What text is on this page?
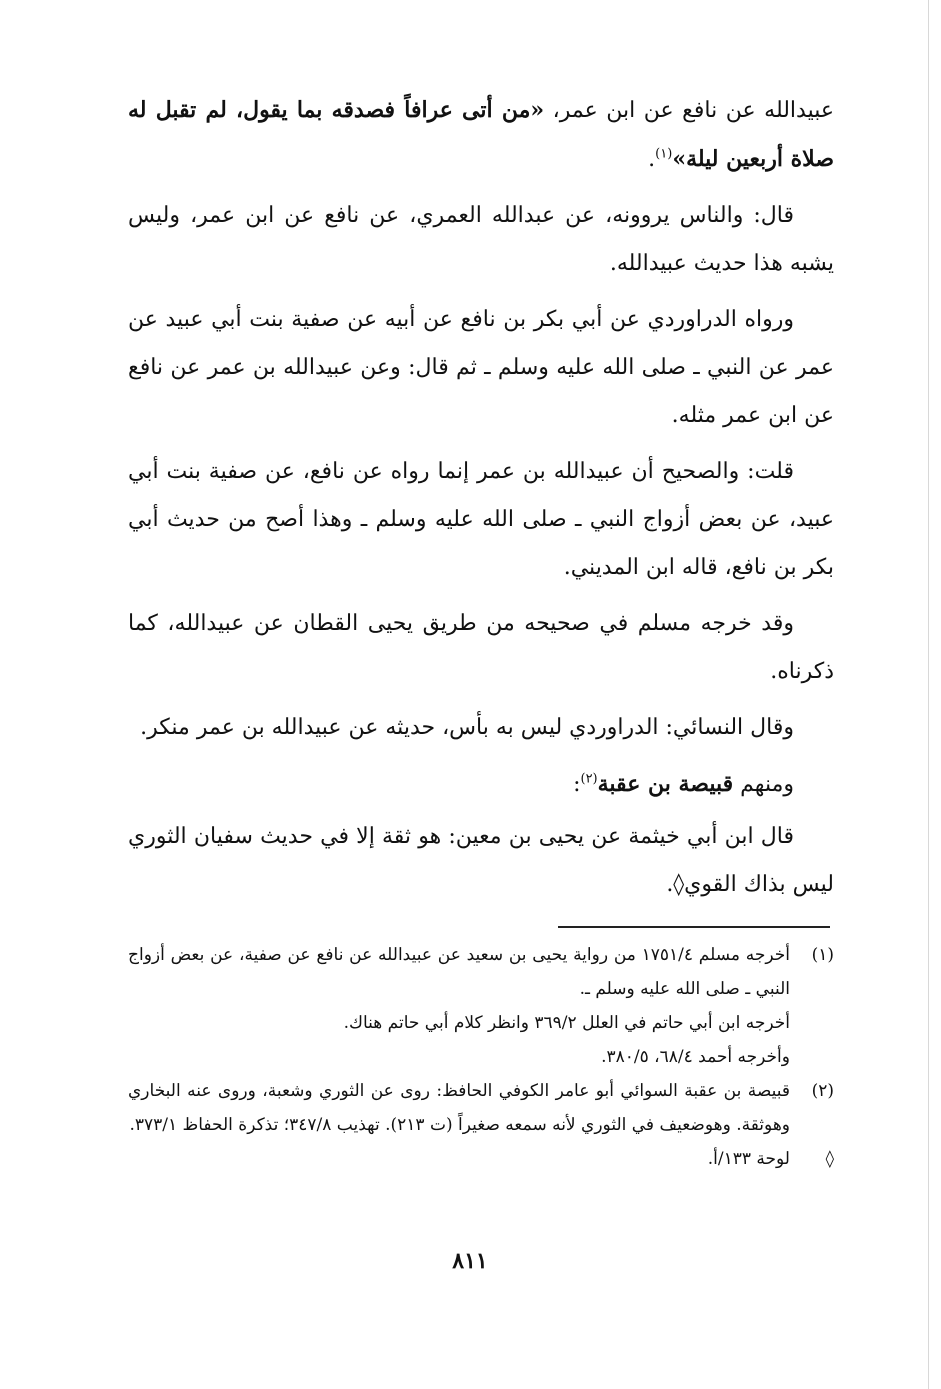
عبيدالله عن نافع عن ابن عمر، «من أتى عرافاً فصدقه بما يقول، لم تقبل له صلاة أربعين ليلة»$^{(١)}$.

قال: والناس يروونه، عن عبدالله العمري، عن نافع عن ابن عمر، وليس يشبه هذا حديث عبيدالله.

ورواه الدراوردي عن أبي بكر بن نافع عن أبيه عن صفية بنت أبي عبيد عن عمر عن النبي ـ صلى الله عليه وسلم ـ ثم قال: وعن عبيدالله بن عمر عن نافع عن ابن عمر مثله.

قلت: والصحيح أن عبيدالله بن عمر إنما رواه عن نافع، عن صفية بنت أبي عبيد، عن بعض أزواج النبي ـ صلى الله عليه وسلم ـ وهذا أصح من حديث أبي بكر بن نافع، قاله ابن المديني.

وقد خرجه مسلم في صحيحه من طريق يحيى القطان عن عبيدالله، كما ذكرناه.

وقال النسائي: الدراوردي ليس به بأس، حديثه عن عبيدالله بن عمر منكر.

ومنهم قبيصة بن عقبة$^{(٢)}$:

قال ابن أبي خيثمة عن يحيى بن معين: هو ثقة إلا في حديث سفيان الثوري ليس بذاك القوي◊.

(١)
أخرجه مسلم ١٧٥١/٤ من رواية يحيى بن سعيد عن عبيدالله عن نافع عن صفية، عن بعض أزواج النبي ـ صلى الله عليه وسلم ـ.
أخرجه ابن أبي حاتم في العلل ٣٦٩/٢ وانظر كلام أبي حاتم هناك.
وأخرجه أحمد ٦٨/٤، ٣٨٠/٥.
(٢)
قبيصة بن عقبة السوائي أبو عامر الكوفي الحافظ: روى عن الثوري وشعبة، وروى عنه البخاري وهوثقة. وهوضعيف في الثوري لأنه سمعه صغيراً (ت ٢١٣). تهذيب ٣٤٧/٨؛ تذكرة الحفاظ ٣٧٣/١.
◊
لوحة ١٣٣/أ.
٨١١
